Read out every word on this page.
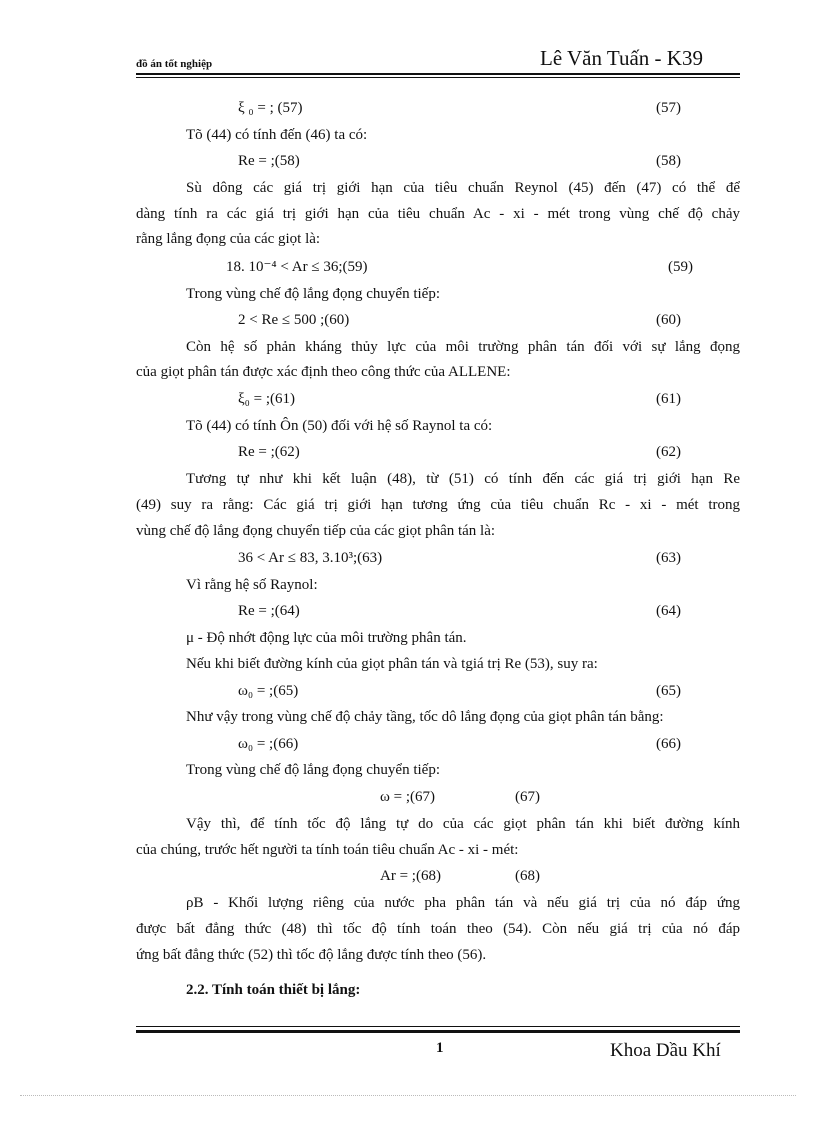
đồ án tốt nghiệp	Lê Văn Tuấn - K39
ξ ₀ = ; (57)	(57)
Tõ (44) có tính đến (46) ta có:
Re = ;(58)	(58)
Sù dông các giá trị giới hạn của tiêu chuẩn Reynol (45) đến (47) có thể để
dàng tính ra các giá trị giới hạn của tiêu chuẩn Ac - xi - mét trong vùng chế độ chảy
rằng lắng đọng của các giọt là:
18. 10⁻⁴ < Ar ≤ 36;(59)	(59)
Trong vùng chế độ lắng đọng chuyển tiếp:
2 < Re ≤ 500 ;(60)	(60)
Còn hệ số phản kháng thủy lực của môi trường phân tán đối với sự lắng đọng
của giọt phân tán được xác định theo công thức của ALLENE:
ξ₀ = ;(61)	(61)
Tõ (44) có tính Ôn (50) đối với hệ số Raynol ta có:
Re = ;(62)	(62)
Tương tự như khi kết luận (48), từ (51) có tính đến các giá trị giới hạn Re
(49) suy ra rằng: Các giá trị giới hạn tương ứng của tiêu chuẩn Rc - xi - mét trong
vùng chế độ lắng đọng chuyển tiếp của các giọt phân tán là:
36 < Ar ≤ 83, 3.10³;(63)	(63)
Vì rằng hệ số Raynol:
Re = ;(64)	(64)
μ - Độ nhớt động lực của môi trường phân tán.
Nếu khi biết đường kính của giọt phân tán và tgiá trị Re (53), suy ra:
ω₀ = ;(65)	(65)
Như vậy trong vùng chế độ chảy tầng, tốc dô lắng đọng của giọt phân tán bằng:
ω₀ = ;(66)	(66)
Trong vùng chế độ lắng đọng chuyển tiếp:
ω = ;(67)	(67)
Vậy thì, để tính tốc độ lắng tự do của các giọt phân tán khi biết đường kính
của chúng, trước hết người ta tính toán tiêu chuẩn Ac - xi - mét:
Ar = ;(68)	(68)
ρB - Khối lượng riêng của nước pha phân tán và nếu giá trị của nó đáp ứng
được bất đẳng thức (48) thì tốc độ tính toán theo (54). Còn nếu giá trị của nó đáp
ứng bất đẳng thức (52) thì tốc độ lắng được tính theo (56).
2.2. Tính toán thiết bị lắng:
1	Khoa Dầu Khí
